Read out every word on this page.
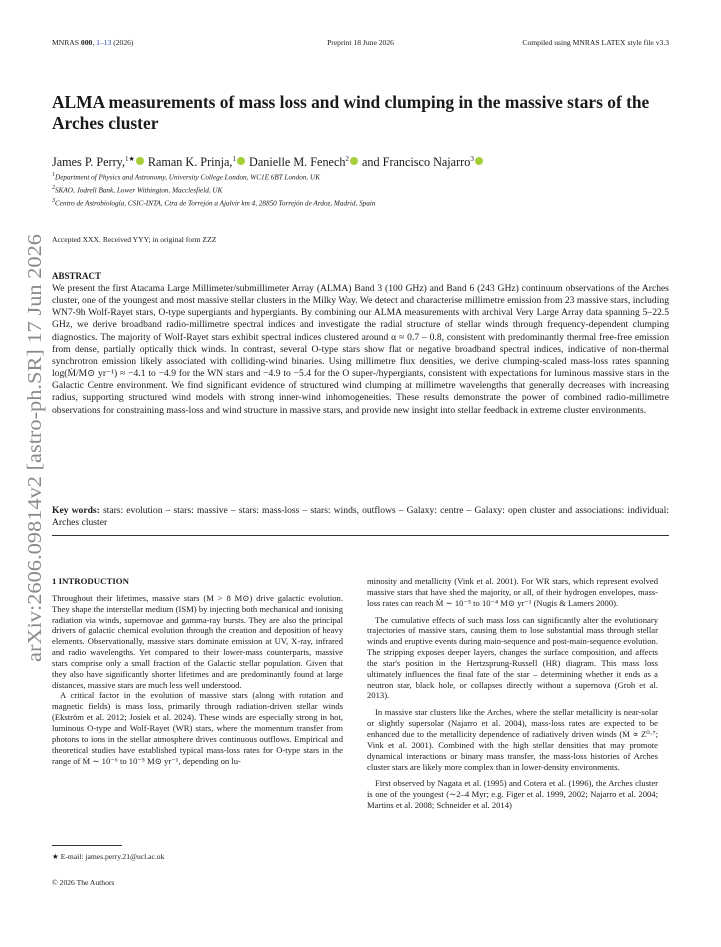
MNRAS 000, 1–13 (2026)	Preprint 18 June 2026	Compiled using MNRAS LATEX style file v3.3
ALMA measurements of mass loss and wind clumping in the massive stars of the Arches cluster
James P. Perry,$^{1★}$ Raman K. Prinja,$^1$ Danielle M. Fenech$^2$ and Francisco Najarro$^3$
$^1$Department of Physics and Astronomy, University College London, WC1E 6BT London, UK
$^2$SKAO, Jodrell Bank, Lower Withington, Macclesfield, UK
$^3$Centro de Astrobiología, CSIC-INTA, Ctra de Torrejón a Ajalvir km 4, 28850 Torrejón de Ardoz, Madrid, Spain
arXiv:2606.09814v2 [astro-ph.SR] 17 Jun 2026
Accepted XXX. Received YYY; in original form ZZZ
ABSTRACT

We present the first Atacama Large Millimeter/submillimeter Array (ALMA) Band 3 (100 GHz) and Band 6 (243 GHz) continuum observations of the Arches cluster, one of the youngest and most massive stellar clusters in the Milky Way. We detect and characterise millimetre emission from 23 massive stars, including WN7-9h Wolf-Rayet stars, O-type supergiants and hypergiants. By combining our ALMA measurements with archival Very Large Array data spanning 5–22.5 GHz, we derive broadband radio-millimetre spectral indices and investigate the radial structure of stellar winds through frequency-dependent clumping diagnostics. The majority of Wolf-Rayet stars exhibit spectral indices clustered around α ≈ 0.7 – 0.8, consistent with predominantly thermal free-free emission from dense, partially optically thick winds. In contrast, several O-type stars show flat or negative broadband spectral indices, indicative of non-thermal synchrotron emission likely associated with colliding-wind binaries. Using millimetre flux densities, we derive clumping-scaled mass-loss rates spanning log(Ṁ/M⊙ yr⁻¹) ≈ −4.1 to −4.9 for the WN stars and −4.9 to −5.4 for the O super-/hypergiants, consistent with expectations for luminous massive stars in the Galactic Centre environment. We find significant evidence of structured wind clumping at millimetre wavelengths that generally decreases with increasing radius, supporting structured wind models with strong inner-wind inhomogeneities. These results demonstrate the power of combined radio-millimetre observations for constraining mass-loss and wind structure in massive stars, and provide new insight into stellar feedback in extreme cluster environments.

Key words: stars: evolution – stars: massive – stars: mass-loss – stars: winds, outflows – Galaxy: centre – Galaxy: open cluster and associations: individual: Arches cluster

1 INTRODUCTION

Throughout their lifetimes, massive stars (M > 8 M⊙) drive galactic evolution. They shape the interstellar medium (ISM) by injecting both mechanical and ionising radiation via winds, supernovae and gamma-ray bursts. They are also the principal drivers of galactic chemical evolution through the creation and deposition of heavy elements. Observationally, massive stars dominate emission at UV, X-ray, infrared and radio wavelengths. Yet compared to their lower-mass counterparts, massive stars comprise only a small fraction of the Galactic stellar population. Given that they also have significantly shorter lifetimes and are predominantly found at large distances, massive stars are much less well understood.

A critical factor in the evolution of massive stars (along with rotation and magnetic fields) is mass loss, primarily through radiation-driven stellar winds (Ekström et al. 2012; Josiek et al. 2024). These winds are especially strong in hot, luminous O-type and Wolf-Rayet (WR) stars, where the momentum transfer from photons to ions in the stellar atmosphere drives continuous outflows. Empirical and theoretical studies have established typical mass-loss rates for O-type stars in the range of Ṁ ∼ 10⁻⁶ to 10⁻⁵ M⊙ yr⁻¹, depending on lu-

minosity and metallicity (Vink et al. 2001). For WR stars, which represent evolved massive stars that have shed the majority, or all, of their hydrogen envelopes, mass-loss rates can reach Ṁ ∼ 10⁻⁵ to 10⁻⁴ M⊙ yr⁻¹ (Nugis & Lamers 2000).

The cumulative effects of such mass loss can significantly alter the evolutionary trajectories of massive stars, causing them to lose substantial mass through stellar winds and eruptive events during main-sequence and post-main-sequence evolution. The stripping exposes deeper layers, changes the surface composition, and affects the star's position in the Hertzsprung-Russell (HR) diagram. This mass loss ultimately influences the final fate of the star – determining whether it ends as a neutron star, black hole, or collapses directly without a supernova (Groh et al. 2013).

In massive star clusters like the Arches, where the stellar metallicity is near-solar or slightly supersolar (Najarro et al. 2004), mass-loss rates are expected to be enhanced due to the metallicity dependence of radiatively driven winds (Ṁ ∝ Z⁰·⁷; Vink et al. 2001). Combined with the high stellar densities that may promote dynamical interactions or binary mass transfer, the mass-loss histories of Arches cluster stars are likely more complex than in lower-density environments.

First observed by Nagata et al. (1995) and Cotera et al. (1996), the Arches cluster is one of the youngest (∼2–4 Myr; e.g. Figer et al. 1999, 2002; Najarro et al. 2004; Martins et al. 2008; Schneider et al. 2014)

★ E-mail: james.perry.21@ucl.ac.uk
© 2026 The Authors
